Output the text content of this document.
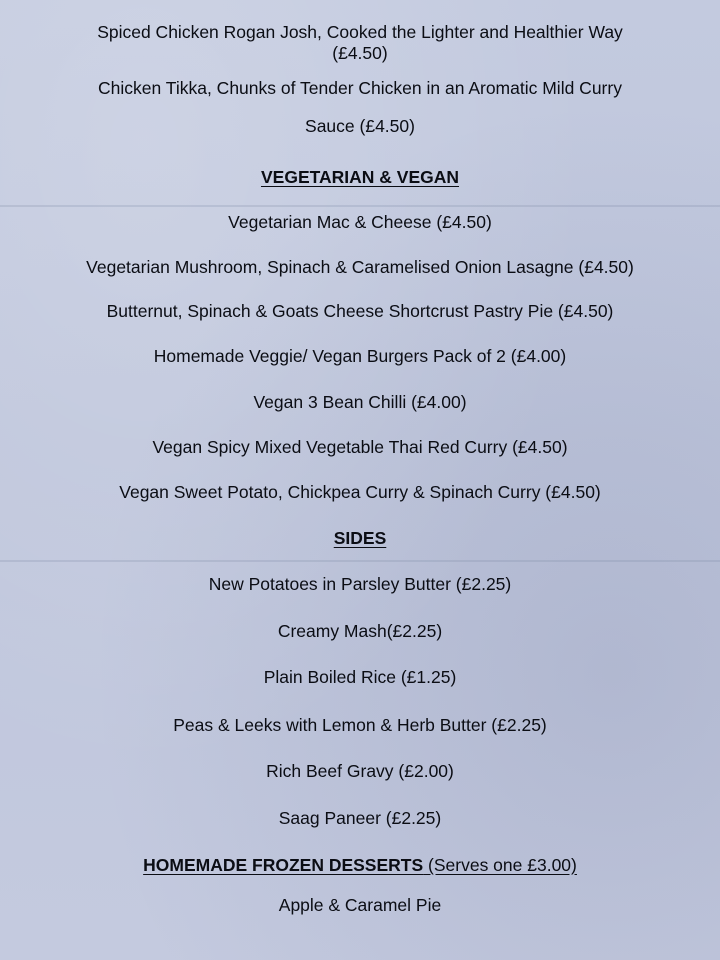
Spiced Chicken Rogan Josh, Cooked the Lighter and Healthier Way
(£4.50)
Chicken Tikka, Chunks of Tender Chicken in an Aromatic Mild Curry
Sauce (£4.50)
VEGETARIAN & VEGAN
Vegetarian Mac & Cheese (£4.50)
Vegetarian Mushroom, Spinach & Caramelised Onion Lasagne (£4.50)
Butternut, Spinach & Goats Cheese Shortcrust Pastry Pie (£4.50)
Homemade Veggie/ Vegan Burgers Pack of 2 (£4.00)
Vegan 3 Bean Chilli (£4.00)
Vegan Spicy Mixed Vegetable Thai Red Curry (£4.50)
Vegan Sweet Potato, Chickpea Curry & Spinach Curry (£4.50)
SIDES
New Potatoes in Parsley Butter (£2.25)
Creamy Mash(£2.25)
Plain Boiled Rice (£1.25)
Peas & Leeks with Lemon & Herb Butter (£2.25)
Rich Beef Gravy (£2.00)
Saag Paneer (£2.25)
HOMEMADE FROZEN DESSERTS (Serves one £3.00)
Apple & Caramel Pie
